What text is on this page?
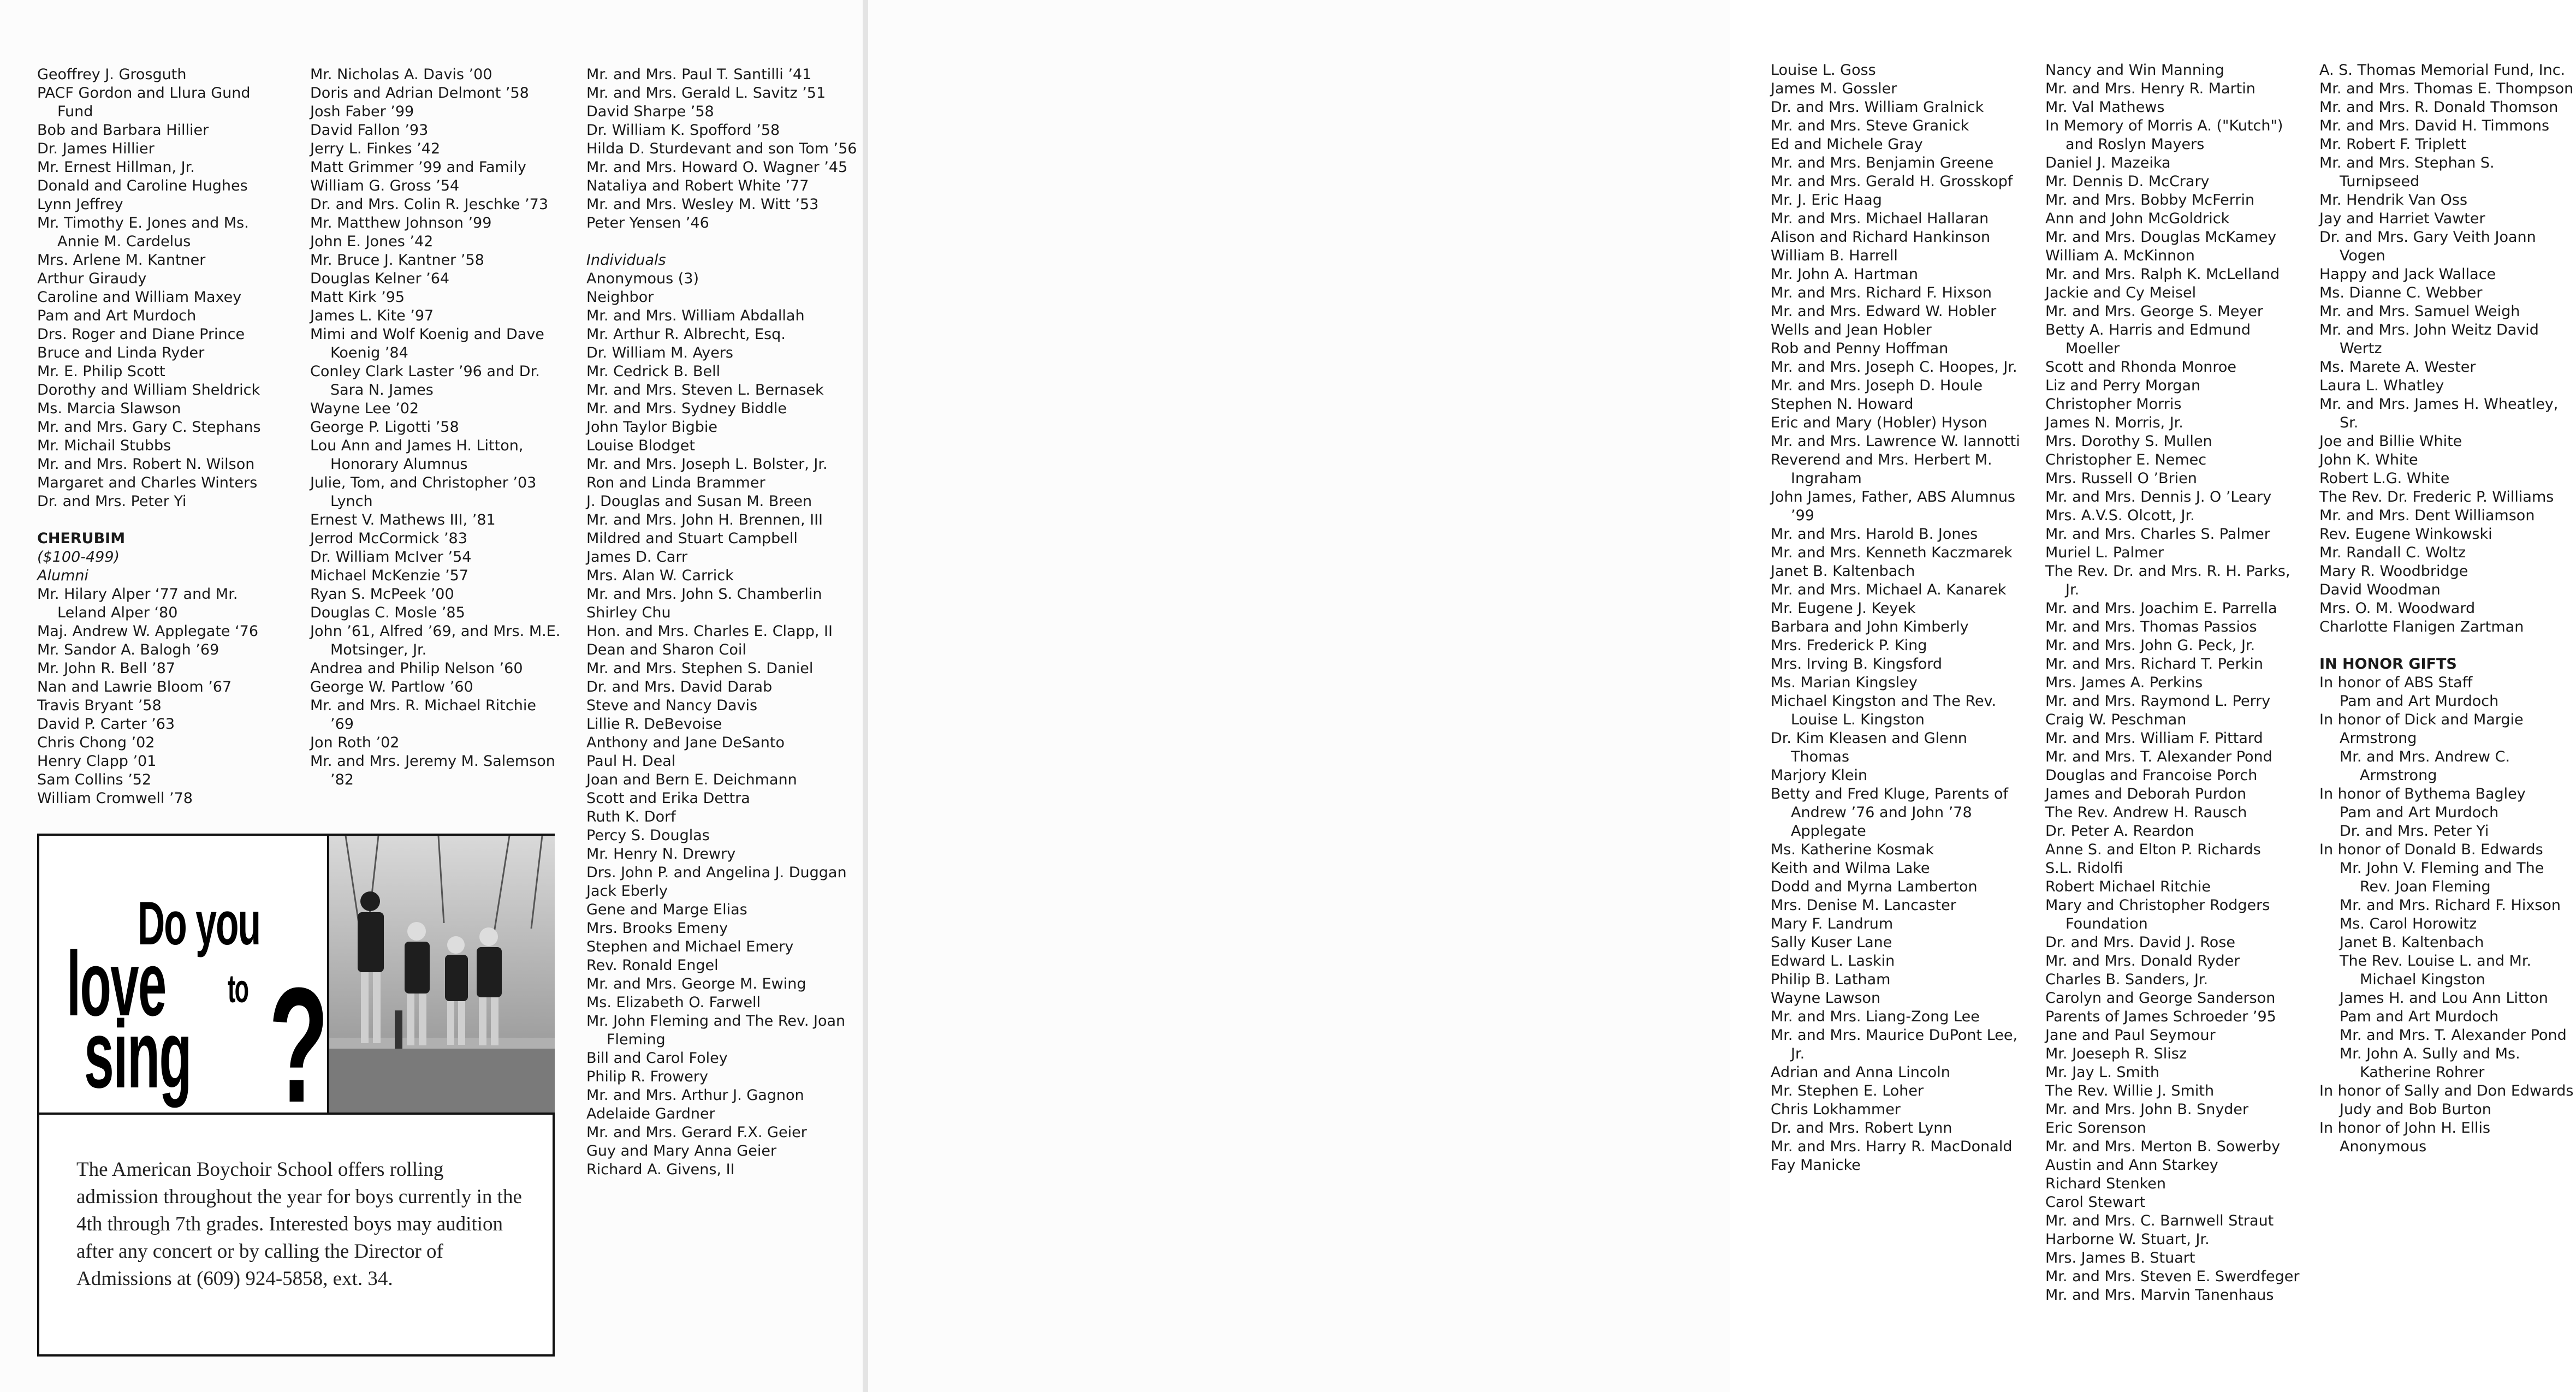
Geoffrey J. Grosguth
PACF Gordon and Llura Gund Fund
Bob and Barbara Hillier
Dr. James Hillier
Mr. Ernest Hillman, Jr.
Donald and Caroline Hughes
Lynn Jeffrey
Mr. Timothy E. Jones and Ms. Annie M. Cardelus
Mrs. Arlene M. Kantner
Arthur Giraudy
Caroline and William Maxey
Pam and Art Murdoch
Drs. Roger and Diane Prince
Bruce and Linda Ryder
Mr. E. Philip Scott
Dorothy and William Sheldrick
Ms. Marcia Slawson
Mr. and Mrs. Gary C. Stephans
Mr. Michail Stubbs
Mr. and Mrs. Robert N. Wilson
Margaret and Charles Winters
Dr. and Mrs. Peter Yi
CHERUBIM
($100-499)
Alumni
Mr. Hilary Alper ‘77 and Mr. Leland Alper ‘80
Maj. Andrew W. Applegate ‘76
Mr. Sandor A. Balogh ’69
Mr. John R. Bell ’87
Nan and Lawrie Bloom ’67
Travis Bryant ’58
David P. Carter ’63
Chris Chong ’02
Henry Clapp ’01
Sam Collins ’52
William Cromwell ’78
Mr. Nicholas A. Davis ’00
Doris and Adrian Delmont ’58
Josh Faber ’99
David Fallon ’93
Jerry L. Finkes ’42
Matt Grimmer ’99 and Family
William G. Gross ’54
Dr. and Mrs. Colin R. Jeschke ’73
Mr. Matthew Johnson ’99
John E. Jones ’42
Mr. Bruce J. Kantner ’58
Douglas Kelner ’64
Matt Kirk ’95
James L. Kite ’97
Mimi and Wolf Koenig and Dave Koenig ’84
Conley Clark Laster ’96 and Dr. Sara N. James
Wayne Lee ’02
George P. Ligotti ’58
Lou Ann and James H. Litton, Honorary Alumnus
Julie, Tom, and Christopher ’03 Lynch
Ernest V. Mathews III, ’81
Jerrod McCormick ’83
Dr. William McIver ’54
Michael McKenzie ’57
Ryan S. McPeek ’00
Douglas C. Mosle ’85
John ’61, Alfred ’69, and Mrs. M.E. Motsinger, Jr.
Andrea and Philip Nelson ’60
George W. Partlow ’60
Mr. and Mrs. R. Michael Ritchie ’69
Jon Roth ’02
Mr. and Mrs. Jeremy M. Salemson ’82
Mr. and Mrs. Paul T. Santilli ’41
Mr. and Mrs. Gerald L. Savitz ’51
David Sharpe ’58
Dr. William K. Spofford ’58
Hilda D. Sturdevant and son Tom ’56
Mr. and Mrs. Howard O. Wagner ’45
Nataliya and Robert White ’77
Mr. and Mrs. Wesley M. Witt ’53
Peter Yensen ’46
Individuals
Anonymous (3)
Neighbor
Mr. and Mrs. William Abdallah
Mr. Arthur R. Albrecht, Esq.
Dr. William M. Ayers
Mr. Cedrick B. Bell
Mr. and Mrs. Steven L. Bernasek
Mr. and Mrs. Sydney Biddle
John Taylor Bigbie
Louise Blodget
Mr. and Mrs. Joseph L. Bolster, Jr.
Ron and Linda Brammer
J. Douglas and Susan M. Breen
Mr. and Mrs. John H. Brennen, III
Mildred and Stuart Campbell
James D. Carr
Mrs. Alan W. Carrick
Mr. and Mrs. John S. Chamberlin
Shirley Chu
Hon. and Mrs. Charles E. Clapp, II
Dean and Sharon Coil
Mr. and Mrs. Stephen S. Daniel
Dr. and Mrs. David Darab
Steve and Nancy Davis
Lillie R. DeBevoise
Anthony and Jane DeSanto
Paul H. Deal
Joan and Bern E. Deichmann
Scott and Erika Dettra
Ruth K. Dorf
Percy S. Douglas
Mr. Henry N. Drewry
Drs. John P. and Angelina J. Duggan
Jack Eberly
Gene and Marge Elias
Mrs. Brooks Emeny
Stephen and Michael Emery
Rev. Ronald Engel
Mr. and Mrs. George M. Ewing
Ms. Elizabeth O. Farwell
Mr. John Fleming and The Rev. Joan Fleming
Bill and Carol Foley
Philip R. Frowery
Mr. and Mrs. Arthur J. Gagnon
Adelaide Gardner
Mr. and Mrs. Gerard F.X. Geier
Guy and Mary Anna Geier
Richard A. Givens, II
Do you
love to
sing ?
The American Boychoir School offers rolling admission throughout the year for boys currently in the 4th through 7th grades. Interested boys may audition after any concert or by calling the Director of Admissions at (609) 924-5858, ext. 34.
Louise L. Goss
James M. Gossler
Dr. and Mrs. William Gralnick
Mr. and Mrs. Steve Granick
Ed and Michele Gray
Mr. and Mrs. Benjamin Greene
Mr. and Mrs. Gerald H. Grosskopf
Mr. J. Eric Haag
Mr. and Mrs. Michael Hallaran
Alison and Richard Hankinson
William B. Harrell
Mr. John A. Hartman
Mr. and Mrs. Richard F. Hixson
Mr. and Mrs. Edward W. Hobler
Wells and Jean Hobler
Rob and Penny Hoffman
Mr. and Mrs. Joseph C. Hoopes, Jr.
Mr. and Mrs. Joseph D. Houle
Stephen N. Howard
Eric and Mary (Hobler) Hyson
Mr. and Mrs. Lawrence W. Iannotti
Reverend and Mrs. Herbert M. Ingraham
John James, Father, ABS Alumnus ’99
Mr. and Mrs. Harold B. Jones
Mr. and Mrs. Kenneth Kaczmarek
Janet B. Kaltenbach
Mr. and Mrs. Michael A. Kanarek
Mr. Eugene J. Keyek
Barbara and John Kimberly
Mrs. Frederick P. King
Mrs. Irving B. Kingsford
Ms. Marian Kingsley
Michael Kingston and The Rev. Louise L. Kingston
Dr. Kim Kleasen and Glenn Thomas
Marjory Klein
Betty and Fred Kluge, Parents of Andrew ’76 and John ’78 Applegate
Ms. Katherine Kosmak
Keith and Wilma Lake
Dodd and Myrna Lamberton
Mrs. Denise M. Lancaster
Mary F. Landrum
Sally Kuser Lane
Edward L. Laskin
Philip B. Latham
Wayne Lawson
Mr. and Mrs. Liang-Zong Lee
Mr. and Mrs. Maurice DuPont Lee, Jr.
Adrian and Anna Lincoln
Mr. Stephen E. Loher
Chris Lokhammer
Dr. and Mrs. Robert Lynn
Mr. and Mrs. Harry R. MacDonald
Fay Manicke
Nancy and Win Manning
Mr. and Mrs. Henry R. Martin
Mr. Val Mathews
In Memory of Morris A. ("Kutch") and Roslyn Mayers
Daniel J. Mazeika
Mr. Dennis D. McCrary
Mr. and Mrs. Bobby McFerrin
Ann and John McGoldrick
Mr. and Mrs. Douglas McKamey
William A. McKinnon
Mr. and Mrs. Ralph K. McLelland
Jackie and Cy Meisel
Mr. and Mrs. George S. Meyer
Betty A. Harris and Edmund Moeller
Scott and Rhonda Monroe
Liz and Perry Morgan
Christopher Morris
James N. Morris, Jr.
Mrs. Dorothy S. Mullen
Christopher E. Nemec
Mrs. Russell O ’Brien
Mr. and Mrs. Dennis J. O ’Leary
Mrs. A.V.S. Olcott, Jr.
Mr. and Mrs. Charles S. Palmer
Muriel L. Palmer
The Rev. Dr. and Mrs. R. H. Parks, Jr.
Mr. and Mrs. Joachim E. Parrella
Mr. and Mrs. Thomas Passios
Mr. and Mrs. John G. Peck, Jr.
Mr. and Mrs. Richard T. Perkin
Mrs. James A. Perkins
Mr. and Mrs. Raymond L. Perry
Craig W. Peschman
Mr. and Mrs. William F. Pittard
Mr. and Mrs. T. Alexander Pond
Douglas and Francoise Porch
James and Deborah Purdon
The Rev. Andrew H. Rausch
Dr. Peter A. Reardon
Anne S. and Elton P. Richards
S.L. Ridolfi
Robert Michael Ritchie
Mary and Christopher Rodgers Foundation
Dr. and Mrs. David J. Rose
Mr. and Mrs. Donald Ryder
Charles B. Sanders, Jr.
Carolyn and George Sanderson
Parents of James Schroeder ’95
Jane and Paul Seymour
Mr. Joeseph R. Slisz
Mr. Jay L. Smith
The Rev. Willie J. Smith
Mr. and Mrs. John B. Snyder
Eric Sorenson
Mr. and Mrs. Merton B. Sowerby
Austin and Ann Starkey
Richard Stenken
Carol Stewart
Mr. and Mrs. C. Barnwell Straut
Harborne W. Stuart, Jr.
Mrs. James B. Stuart
Mr. and Mrs. Steven E. Swerdfeger
Mr. and Mrs. Marvin Tanenhaus
A. S. Thomas Memorial Fund, Inc.
Mr. and Mrs. Thomas E. Thompson
Mr. and Mrs. R. Donald Thomson
Mr. and Mrs. David H. Timmons
Mr. Robert F. Triplett
Mr. and Mrs. Stephan S. Turnipseed
Mr. Hendrik Van Oss
Jay and Harriet Vawter
Dr. and Mrs. Gary Veith Joann Vogen
Happy and Jack Wallace
Ms. Dianne C. Webber
Mr. and Mrs. Samuel Weigh
Mr. and Mrs. John Weitz David Wertz
Ms. Marete A. Wester
Laura L. Whatley
Mr. and Mrs. James H. Wheatley, Sr.
Joe and Billie White
John K. White
Robert L.G. White
The Rev. Dr. Frederic P. Williams
Mr. and Mrs. Dent Williamson
Rev. Eugene Winkowski
Mr. Randall C. Woltz
Mary R. Woodbridge
David Woodman
Mrs. O. M. Woodward
Charlotte Flanigen Zartman
IN HONOR GIFTS
In honor of ABS Staff
Pam and Art Murdoch
In honor of Dick and Margie Armstrong
Mr. and Mrs. Andrew C. Armstrong
In honor of Bythema Bagley
Pam and Art Murdoch
Dr. and Mrs. Peter Yi
In honor of Donald B. Edwards
Mr. John V. Fleming and The Rev. Joan Fleming
Mr. and Mrs. Richard F. Hixson
Ms. Carol Horowitz
Janet B. Kaltenbach
The Rev. Louise L. and Mr. Michael Kingston
James H. and Lou Ann Litton
Pam and Art Murdoch
Mr. and Mrs. T. Alexander Pond
Mr. John A. Sully and Ms. Katherine Rohrer
In honor of Sally and Don Edwards
Judy and Bob Burton
In honor of John H. Ellis
Anonymous
